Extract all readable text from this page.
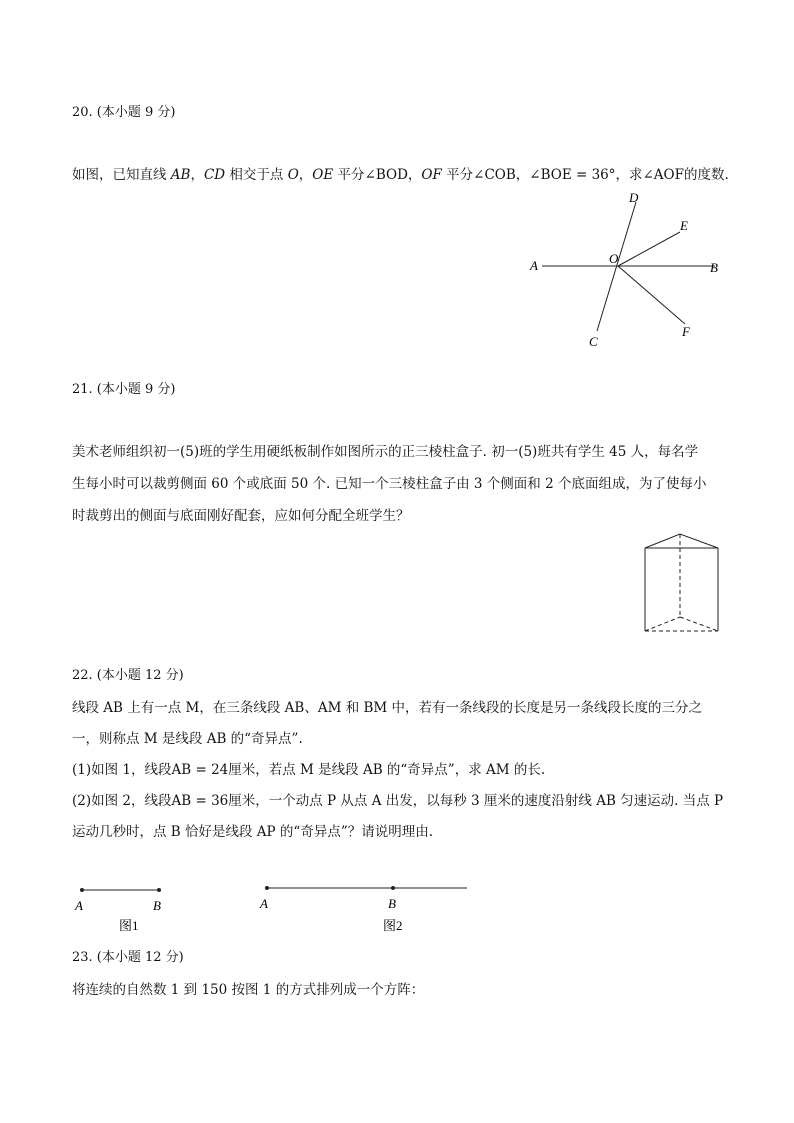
20. (本小题 9 分)
如图，已知直线 AB，CD 相交于点 O，OE 平分∠BOD，OF 平分∠COB，∠BOE = 36°，求∠AOF的度数.
A	B
C
D
E
F
O
21. (本小题 9 分)
美术老师组织初一(5)班的学生用硬纸板制作如图所示的正三棱柱盒子. 初一(5)班共有学生 45 人，每名学
生每小时可以裁剪侧面 60 个或底面 50 个. 已知一个三棱柱盒子由 3 个侧面和 2 个底面组成，为了使每小
时裁剪出的侧面与底面刚好配套，应如何分配全班学生？
22. (本小题 12 分)
线段 AB 上有一点 M，在三条线段 AB、AM 和 BM 中，若有一条线段的长度是另一条线段长度的三分之
一，则称点 M 是线段 AB 的“奇异点”.
(1)如图 1，线段AB = 24厘米，若点 M 是线段 AB 的“奇异点”，求 AM 的长.
(2)如图 2，线段AB = 36厘米，一个动点 P 从点 A 出发，以每秒 3 厘米的速度沿射线 AB 匀速运动. 当点 P
运动几秒时，点 B 恰好是线段 AP 的“奇异点”？请说明理由.
A	B
图1
A	B
图2
23. (本小题 12 分)
将连续的自然数 1 到 150 按图 1 的方式排列成一个方阵：
